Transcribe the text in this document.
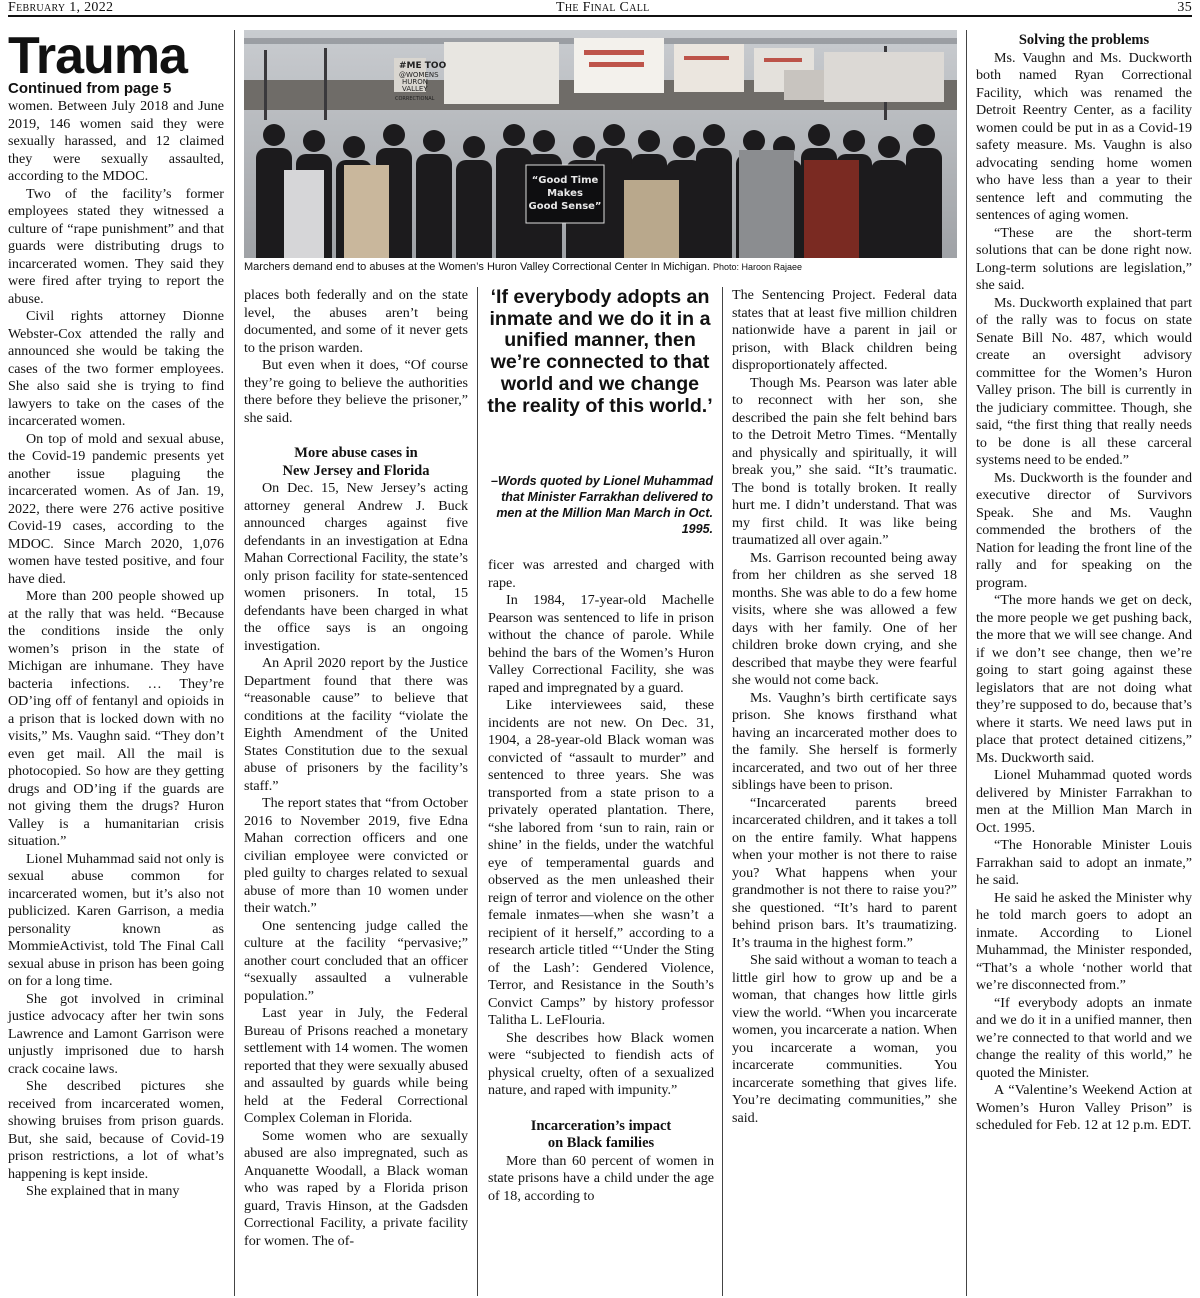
February 1, 2022	The Final Call	35
Trauma
Continued from page 5

women. Between July 2018 and June 2019, 146 women said they were sexually harassed, and 12 claimed they were sexually assaulted, according to the MDOC.

Two of the facility’s former employees stated they witnessed a culture of “rape punishment” and that guards were distributing drugs to incarcerated women. They said they were fired after trying to report the abuse.

Civil rights attorney Dionne Webster-Cox attended the rally and announced she would be taking the cases of the two former employees. She also said she is trying to find lawyers to take on the cases of the incarcerated women.

On top of mold and sexual abuse, the Covid-19 pandemic presents yet another issue plaguing the incarcerated women. As of Jan. 19, 2022, there were 276 active positive Covid-19 cases, according to the MDOC. Since March 2020, 1,076 women have tested positive, and four have died.

More than 200 people showed up at the rally that was held. “Because the conditions inside the only women’s prison in the state of Michigan are inhumane. They have bacteria infections. … They’re OD’ing off of fentanyl and opioids in a prison that is locked down with no visits,” Ms. Vaughn said. “They don’t even get mail. All the mail is photocopied. So how are they getting drugs and OD’ing if the guards are not giving them the drugs? Huron Valley is a humanitarian crisis situation.”

Lionel Muhammad said not only is sexual abuse common for incarcerated women, but it’s also not publicized. Karen Garrison, a media personality known as MommieActivist, told The Final Call sexual abuse in prison has been going on for a long time.

She got involved in criminal justice advocacy after her twin sons Lawrence and Lamont Garrison were unjustly imprisoned due to harsh crack cocaine laws.

She described pictures she received from incarcerated women, showing bruises from prison guards. But, she said, because of Covid-19 prison restrictions, a lot of what’s happening is kept inside.

She explained that in many

#ME TOO
@WOMENS
HURON
VALLEY
CORRECTIONAL
“Good Time
Makes
Good Sense”
Marchers demand end to abuses at the Women’s Huron Valley Correctional Center In Michigan. Photo: Haroon Rajaee

places both federally and on the state level, the abuses aren’t being documented, and some of it never gets to the prison warden.

But even when it does, “Of course they’re going to believe the authorities there before they believe the prisoner,” she said.

More abuse cases in
New Jersey and Florida

On Dec. 15, New Jersey’s acting attorney general Andrew J. Buck announced charges against five defendants in an investigation at Edna Mahan Correctional Facility, the state’s only prison facility for state-sentenced women prisoners. In total, 15 defendants have been charged in what the office says is an ongoing investigation.

An April 2020 report by the Justice Department found that there was “reasonable cause” to believe that conditions at the facility “violate the Eighth Amendment of the United States Constitution due to the sexual abuse of prisoners by the facility’s staff.”

The report states that “from October 2016 to November 2019, five Edna Mahan correction officers and one civilian employee were convicted or pled guilty to charges related to sexual abuse of more than 10 women under their watch.”

One sentencing judge called the culture at the facility “pervasive;” another court concluded that an officer “sexually assaulted a vulnerable population.”

Last year in July, the Federal Bureau of Prisons reached a monetary settlement with 14 women. The women reported that they were sexually abused and assaulted by guards while being held at the Federal Correctional Complex Coleman in Florida.

Some women who are sexually abused are also impregnated, such as Anquanette Woodall, a Black woman who was raped by a Florida prison guard, Travis Hinson, at the Gadsden Correctional Facility, a private facility for women. The of-

‘If everybody adopts an inmate and we do it in a unified manner, then we’re connected to that world and we change the reality of this world.’
–Words quoted by Lionel Muhammad that Minister Farrakhan delivered to men at the Million Man March in Oct. 1995.

ficer was arrested and charged with rape.

In 1984, 17-year-old Machelle Pearson was sentenced to life in prison without the chance of parole. While behind the bars of the Women’s Huron Valley Correctional Facility, she was raped and impregnated by a guard.

Like interviewees said, these incidents are not new. On Dec. 31, 1904, a 28-year-old Black woman was convicted of “assault to murder” and sentenced to three years. She was transported from a state prison to a privately operated plantation. There, “she labored from ‘sun to rain, rain or shine’ in the fields, under the watchful eye of temperamental guards and observed as the men unleashed their reign of terror and violence on the other female inmates—when she wasn’t a recipient of it herself,” according to a research article titled “‘Under the Sting of the Lash’: Gendered Violence, Terror, and Resistance in the South’s Convict Camps” by history professor Talitha L. LeFlouria.

She describes how Black women were “subjected to fiendish acts of physical cruelty, often of a sexualized nature, and raped with impunity.”

Incarceration’s impact
on Black families

More than 60 percent of women in state prisons have a child under the age of 18, according to

The Sentencing Project. Federal data states that at least five million children nationwide have a parent in jail or prison, with Black children being disproportionately affected.

Though Ms. Pearson was later able to reconnect with her son, she described the pain she felt behind bars to the Detroit Metro Times. “Mentally and physically and spiritually, it will break you,” she said. “It’s traumatic. The bond is totally broken. It really hurt me. I didn’t understand. That was my first child. It was like being traumatized all over again.”

Ms. Garrison recounted being away from her children as she served 18 months. She was able to do a few home visits, where she was allowed a few days with her family. One of her children broke down crying, and she described that maybe they were fearful she would not come back.

Ms. Vaughn’s birth certificate says prison. She knows firsthand what having an incarcerated mother does to the family. She herself is formerly incarcerated, and two out of her three siblings have been to prison.

“Incarcerated parents breed incarcerated children, and it takes a toll on the entire family. What happens when your mother is not there to raise you? What happens when your grandmother is not there to raise you?” she questioned. “It’s hard to parent behind prison bars. It’s traumatizing. It’s trauma in the highest form.”

She said without a woman to teach a little girl how to grow up and be a woman, that changes how little girls view the world. “When you incarcerate women, you incarcerate a nation. When you incarcerate a woman, you incarcerate communities. You incarcerate something that gives life. You’re decimating communities,” she said.

Solving the problems

Ms. Vaughn and Ms. Duckworth both named Ryan Correctional Facility, which was renamed the Detroit Reentry Center, as a facility women could be put in as a Covid-19 safety measure. Ms. Vaughn is also advocating sending home women who have less than a year to their sentence left and commuting the sentences of aging women.

“These are the short-term solutions that can be done right now. Long-term solutions are legislation,” she said.

Ms. Duckworth explained that part of the rally was to focus on state Senate Bill No. 487, which would create an oversight advisory committee for the Women’s Huron Valley prison. The bill is currently in the judiciary committee. Though, she said, “the first thing that really needs to be done is all these carceral systems need to be ended.”

Ms. Duckworth is the founder and executive director of Survivors Speak. She and Ms. Vaughn commended the brothers of the Nation for leading the front line of the rally and for speaking on the program.

“The more hands we get on deck, the more people we get pushing back, the more that we will see change. And if we don’t see change, then we’re going to start going against these legislators that are not doing what they’re supposed to do, because that’s where it starts. We need laws put in place that protect detained citizens,” Ms. Duckworth said.

Lionel Muhammad quoted words delivered by Minister Farrakhan to men at the Million Man March in Oct. 1995.

“The Honorable Minister Louis Farrakhan said to adopt an inmate,” he said.

He said he asked the Minister why he told march goers to adopt an inmate. According to Lionel Muhammad, the Minister responded, “That’s a whole ‘nother world that we’re disconnected from.”

“If everybody adopts an inmate and we do it in a unified manner, then we’re connected to that world and we change the reality of this world,” he quoted the Minister.

A “Valentine’s Weekend Action at Women’s Huron Valley Prison” is scheduled for Feb. 12 at 12 p.m. EDT.
